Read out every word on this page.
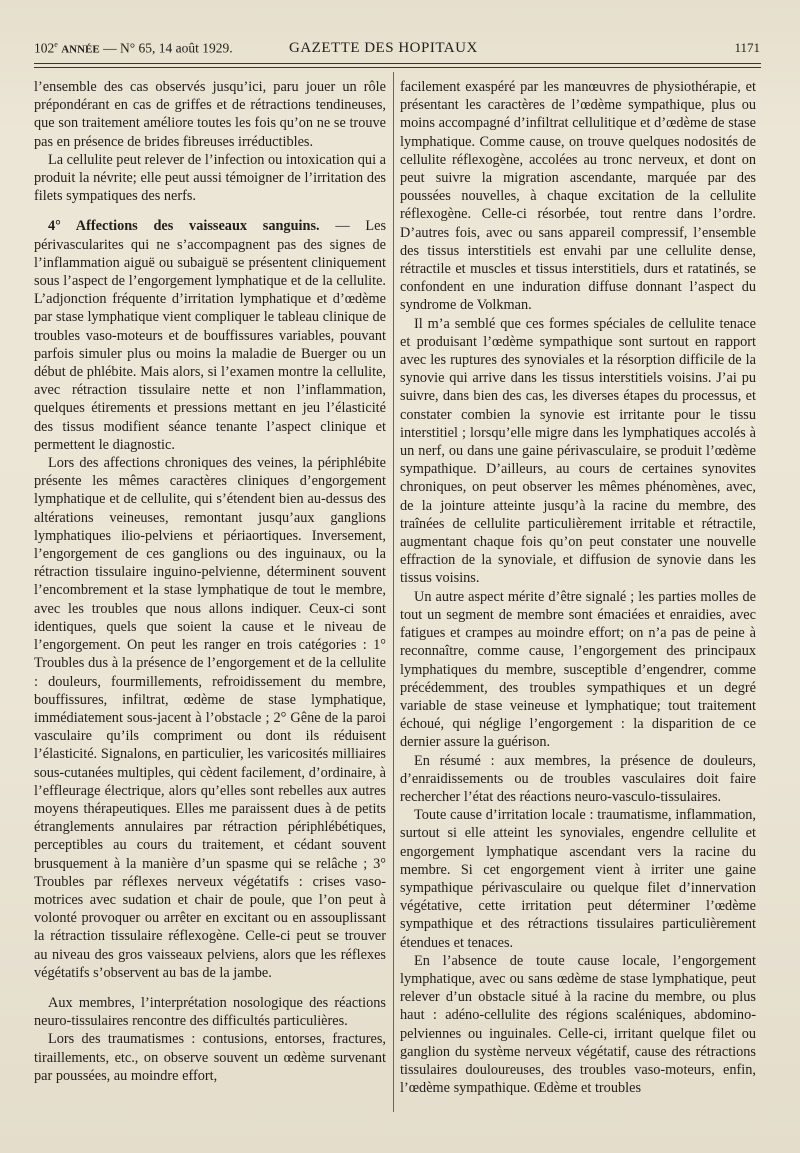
102e ANNÉE — N° 65, 14 août 1929.	GAZETTE DES HOPITAUX	1171

l’ensemble des cas observés jusqu’ici, paru jouer un rôle prépondérant en cas de griffes et de rétractions tendineuses, que son traitement améliore toutes les fois qu’on ne se trouve pas en présence de brides fibreuses irréductibles.

La cellulite peut relever de l’infection ou intoxication qui a produit la névrite; elle peut aussi témoigner de l’irritation des filets sympatiques des nerfs.

4° Affections des vaisseaux sanguins. — Les périvascularites qui ne s’accompagnent pas des signes de l’inflammation aiguë ou subaiguë se présentent cliniquement sous l’aspect de l’engorgement lymphatique et de la cellulite. L’adjonction fréquente d’irritation lymphatique et d’œdème par stase lymphatique vient compliquer le tableau clinique de troubles vaso-moteurs et de bouffissures variables, pouvant parfois simuler plus ou moins la maladie de Buerger ou un début de phlébite. Mais alors, si l’examen montre la cellulite, avec rétraction tissulaire nette et non l’inflammation, quelques étirements et pressions mettant en jeu l’élasticité des tissus modifient séance tenante l’aspect clinique et permettent le diagnostic.

Lors des affections chroniques des veines, la périphlébite présente les mêmes caractères cliniques d’engorgement lymphatique et de cellulite, qui s’étendent bien au-dessus des altérations veineuses, remontant jusqu’aux ganglions lymphatiques ilio-pelviens et périaortiques. Inversement, l’engorgement de ces ganglions ou des inguinaux, ou la rétraction tissulaire inguino-pelvienne, déterminent souvent l’encombrement et la stase lymphatique de tout le membre, avec les troubles que nous allons indiquer. Ceux-ci sont identiques, quels que soient la cause et le niveau de l’engorgement. On peut les ranger en trois catégories : 1° Troubles dus à la présence de l’engorgement et de la cellulite : douleurs, fourmillements, refroidissement du membre, bouffissures, infiltrat, œdème de stase lymphatique, immédiatement sous-jacent à l’obstacle ; 2° Gêne de la paroi vasculaire qu’ils compriment ou dont ils réduisent l’élasticité. Signalons, en particulier, les varicosités milliaires sous-cutanées multiples, qui cèdent facilement, d’ordinaire, à l’effleurage électrique, alors qu’elles sont rebelles aux autres moyens thérapeutiques. Elles me paraissent dues à de petits étranglements annulaires par rétraction périphlébétiques, perceptibles au cours du traitement, et cédant souvent brusquement à la manière d’un spasme qui se relâche ; 3° Troubles par réflexes nerveux végétatifs : crises vaso-motrices avec sudation et chair de poule, que l’on peut à volonté provoquer ou arrêter en excitant ou en assouplissant la rétraction tissulaire réflexogène. Celle-ci peut se trouver au niveau des gros vaisseaux pelviens, alors que les réflexes végétatifs s’observent au bas de la jambe.

Aux membres, l’interprétation nosologique des réactions neuro-tissulaires rencontre des difficultés particulières.

Lors des traumatismes : contusions, entorses, fractures, tiraillements, etc., on observe souvent un œdème survenant par poussées, au moindre effort,

facilement exaspéré par les manœuvres de physiothérapie, et présentant les caractères de l’œdème sympathique, plus ou moins accompagné d’infiltrat cellulitique et d’œdème de stase lymphatique. Comme cause, on trouve quelques nodosités de cellulite réflexogène, accolées au tronc nerveux, et dont on peut suivre la migration ascendante, marquée par des poussées nouvelles, à chaque excitation de la cellulite réflexogène. Celle-ci résorbée, tout rentre dans l’ordre. D’autres fois, avec ou sans appareil compressif, l’ensemble des tissus interstitiels est envahi par une cellulite dense, rétractile et muscles et tissus interstitiels, durs et ratatinés, se confondent en une induration diffuse donnant l’aspect du syndrome de Volkman.

Il m’a semblé que ces formes spéciales de cellulite tenace et produisant l’œdème sympathique sont surtout en rapport avec les ruptures des synoviales et la résorption difficile de la synovie qui arrive dans les tissus interstitiels voisins. J’ai pu suivre, dans bien des cas, les diverses étapes du processus, et constater combien la synovie est irritante pour le tissu interstitiel ; lorsqu’elle migre dans les lymphatiques accolés à un nerf, ou dans une gaine périvasculaire, se produit l’œdème sympathique. D’ailleurs, au cours de certaines synovites chroniques, on peut observer les mêmes phénomènes, avec, de la jointure atteinte jusqu’à la racine du membre, des traînées de cellulite particulièrement irritable et rétractile, augmentant chaque fois qu’on peut constater une nouvelle effraction de la synoviale, et diffusion de synovie dans les tissus voisins.

Un autre aspect mérite d’être signalé ; les parties molles de tout un segment de membre sont émaciées et enraidies, avec fatigues et crampes au moindre effort; on n’a pas de peine à reconnaître, comme cause, l’engorgement des principaux lymphatiques du membre, susceptible d’engendrer, comme précédemment, des troubles sympathiques et un degré variable de stase veineuse et lymphatique; tout traitement échoué, qui néglige l’engorgement : la disparition de ce dernier assure la guérison.

En résumé : aux membres, la présence de douleurs, d’enraidissements ou de troubles vasculaires doit faire rechercher l’état des réactions neuro-vasculo-tissulaires.

Toute cause d’irritation locale : traumatisme, inflammation, surtout si elle atteint les synoviales, engendre cellulite et engorgement lymphatique ascendant vers la racine du membre. Si cet engorgement vient à irriter une gaine sympathique périvasculaire ou quelque filet d’innervation végétative, cette irritation peut déterminer l’œdème sympathique et des rétractions tissulaires particulièrement étendues et tenaces.

En l’absence de toute cause locale, l’engorgement lymphatique, avec ou sans œdème de stase lymphatique, peut relever d’un obstacle situé à la racine du membre, ou plus haut : adéno-cellulite des régions scaléniques, abdomino-pelviennes ou inguinales. Celle-ci, irritant quelque filet ou ganglion du système nerveux végétatif, cause des rétractions tissulaires douloureuses, des troubles vaso-moteurs, enfin, l’œdème sympathique. Œdème et troubles
